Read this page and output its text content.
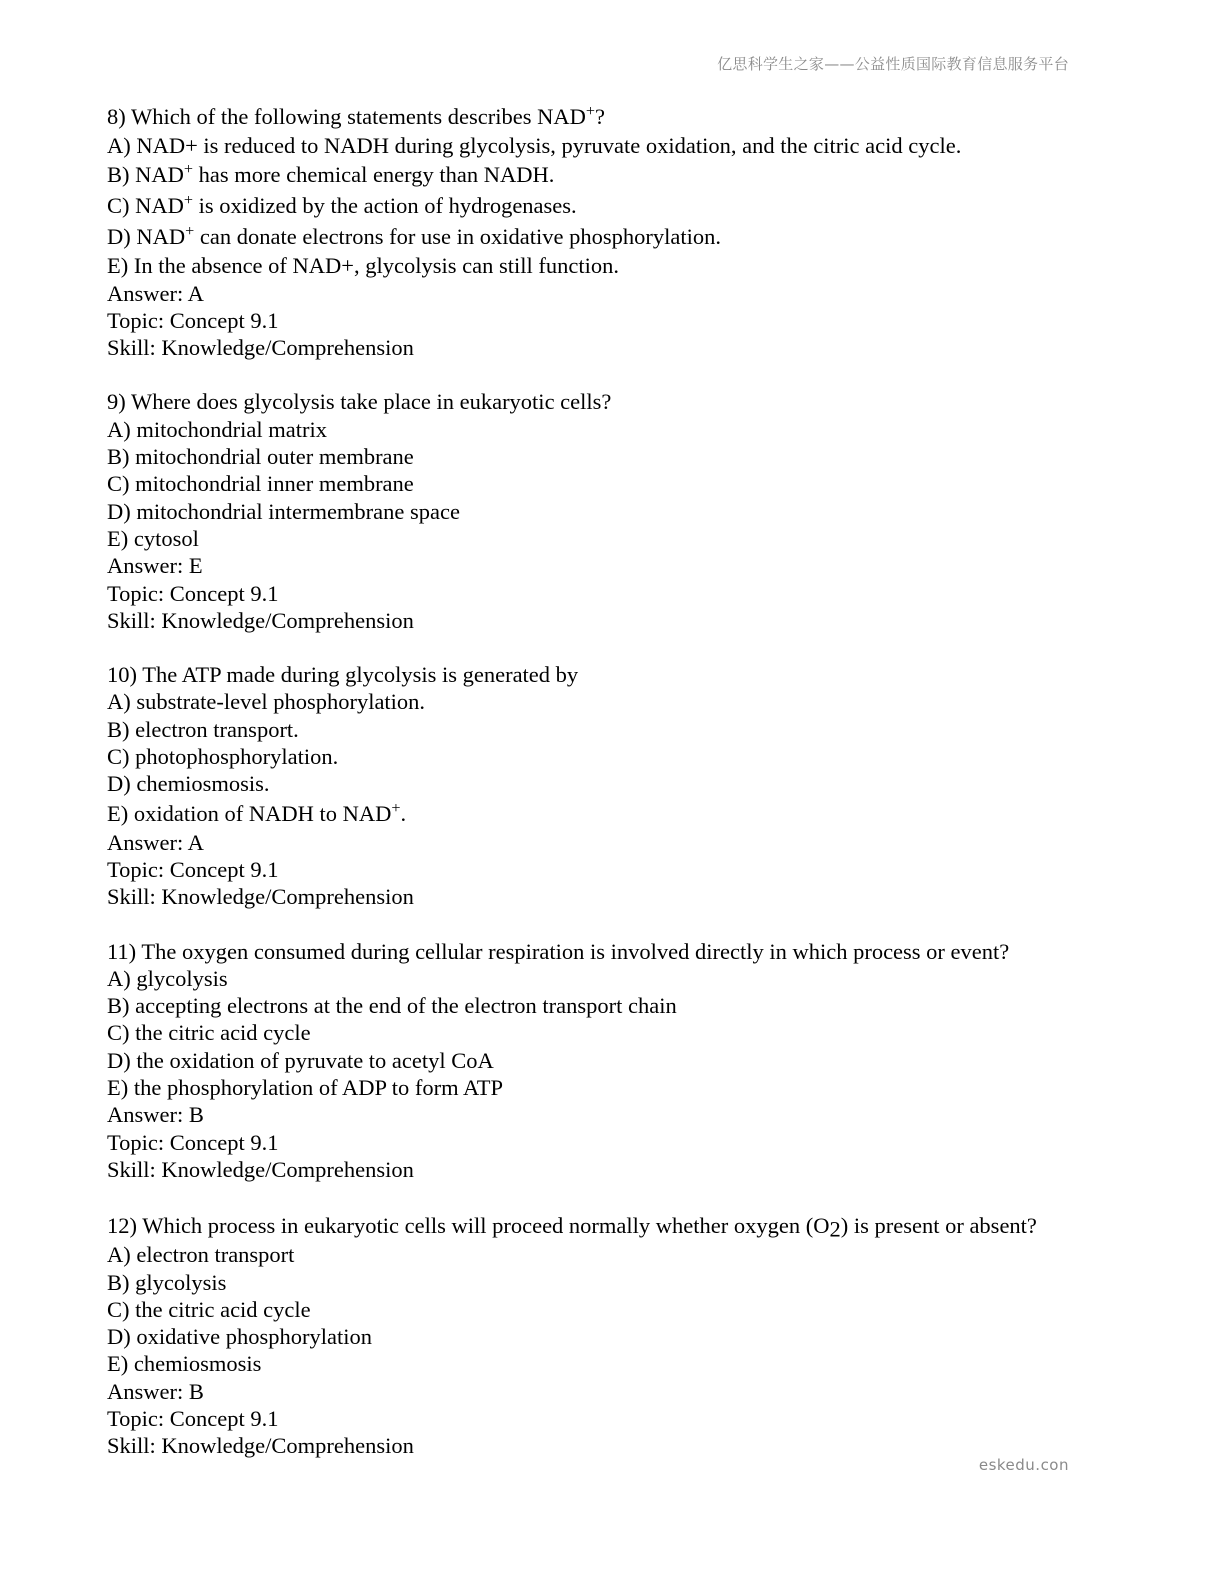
亿思科学生之家——公益性质国际教育信息服务平台
8) Which of the following statements describes NAD+?
A) NAD+ is reduced to NADH during glycolysis, pyruvate oxidation, and the citric acid cycle.
B) NAD+ has more chemical energy than NADH.
C) NAD+ is oxidized by the action of hydrogenases.
D) NAD+ can donate electrons for use in oxidative phosphorylation.
E) In the absence of NAD+, glycolysis can still function.
Answer: A
Topic: Concept 9.1
Skill: Knowledge/Comprehension
9) Where does glycolysis take place in eukaryotic cells?
A) mitochondrial matrix
B) mitochondrial outer membrane
C) mitochondrial inner membrane
D) mitochondrial intermembrane space
E) cytosol
Answer: E
Topic: Concept 9.1
Skill: Knowledge/Comprehension
10) The ATP made during glycolysis is generated by
A) substrate-level phosphorylation.
B) electron transport.
C) photophosphorylation.
D) chemiosmosis.
E) oxidation of NADH to NAD+.
Answer: A
Topic: Concept 9.1
Skill: Knowledge/Comprehension
11) The oxygen consumed during cellular respiration is involved directly in which process or event?
A) glycolysis
B) accepting electrons at the end of the electron transport chain
C) the citric acid cycle
D) the oxidation of pyruvate to acetyl CoA
E) the phosphorylation of ADP to form ATP
Answer: B
Topic: Concept 9.1
Skill: Knowledge/Comprehension
12) Which process in eukaryotic cells will proceed normally whether oxygen (O2) is present or absent?
A) electron transport
B) glycolysis
C) the citric acid cycle
D) oxidative phosphorylation
E) chemiosmosis
Answer: B
Topic: Concept 9.1
Skill: Knowledge/Comprehension
eskedu.con
